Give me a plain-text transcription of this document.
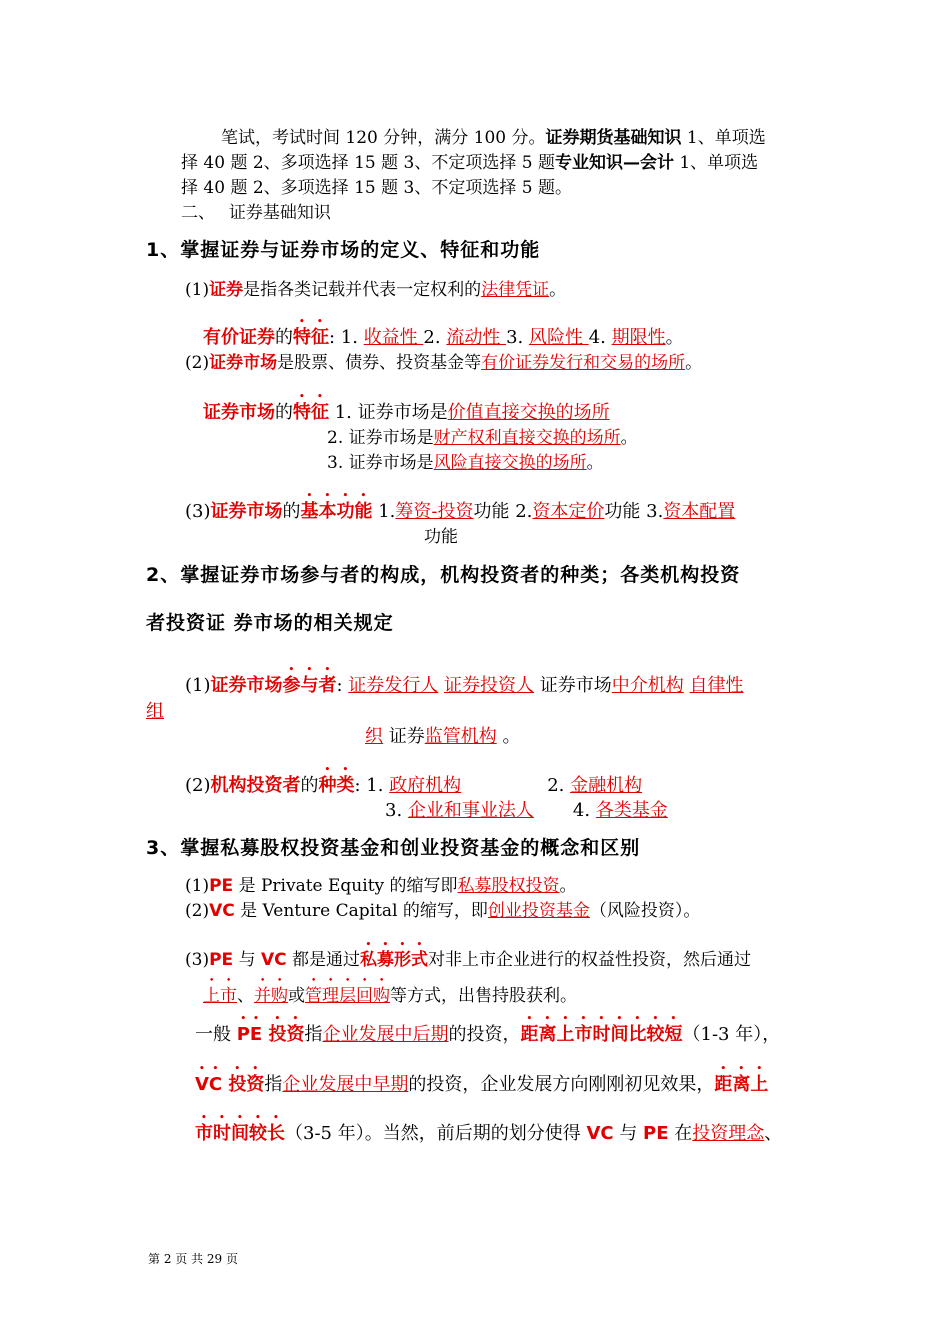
笔试，考试时间 120 分钟，满分 100 分。证券期货基础知识 1、单项选
择 40 题 2、多项选择 15 题 3、不定项选择 5 题专业知识—会计 1、单项选
择 40 题 2、多项选择 15 题 3、不定项选择 5 题。
二、　 证券基础知识
1、掌握证券与证券市场的定义、特征和功能
(1)证券是指各类记载并代表一定权利的法律凭证。
有价证券的特征: 1. 收益性 2. 流动性 3. 风险性 4. 期限性。
(2)证券市场是股票、债券、投资基金等有价证券发行和交易的场所。
证券市场的特征 1. 证券市场是价值直接交换的场所
2. 证券市场是财产权利直接交换的场所。
3. 证券市场是风险直接交换的场所。
(3)证券市场的基本功能 1.筹资-投资功能 2.资本定价功能 3.资本配置
功能
2、掌握证券市场参与者的构成，机构投资者的种类；各类机构投资
者投资证 券市场的相关规定
(1)证券市场参与者: 证券发行人 证券投资人 证券市场中介机构 自律性
组
织 证券监管机构 。
(2)机构投资者的种类: 1. 政府机构	2. 金融机构
3. 企业和事业法人 4. 各类基金
3、掌握私募股权投资基金和创业投资基金的概念和区别
(1)PE 是 Private Equity 的缩写即私募股权投资。
(2)VC 是 Venture Capital 的缩写，即创业投资基金（风险投资）。
(3)PE 与 VC 都是通过私募形式对非上市企业进行的权益性投资，然后通过
上市、并购或管理层回购等方式，出售持股获利。
一般 PE 投资指企业发展中后期的投资，距离上市时间比较短（1-3 年），
VC 投资指企业发展中早期的投资，企业发展方向刚刚初见效果，距离上
市时间较长（3-5 年）。当然，前后期的划分使得 VC 与 PE 在投资理念、
第 2 页 共 29 页
